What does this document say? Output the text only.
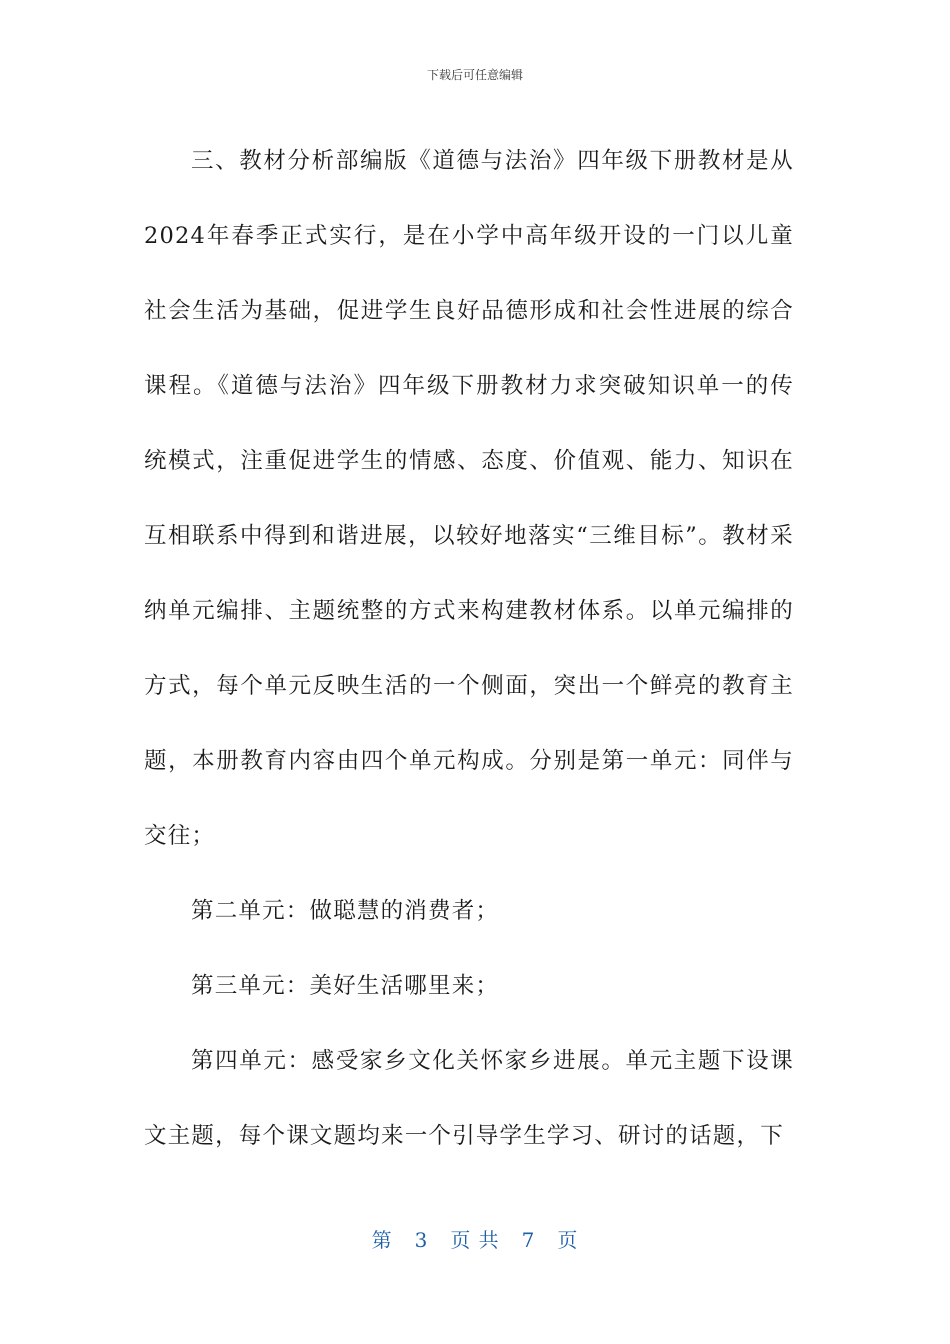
下载后可任意编辑

三、教材分析部编版《道德与法治》四年级下册教材是从2024年春季正式实行，是在小学中高年级开设的一门以儿童社会生活为基础，促进学生良好品德形成和社会性进展的综合课程。《道德与法治》四年级下册教材力求突破知识单一的传统模式，注重促进学生的情感、态度、价值观、能力、知识在互相联系中得到和谐进展，以较好地落实“三维目标”。教材采纳单元编排、主题统整的方式来构建教材体系。以单元编排的方式，每个单元反映生活的一个侧面，突出一个鲜亮的教育主题，本册教育内容由四个单元构成。分别是第一单元：同伴与交往；

第二单元：做聪慧的消费者；

第三单元：美好生活哪里来；

第四单元：感受家乡文化关怀家乡进展。单元主题下设课文主题，每个课文题均来一个引导学生学习、研讨的话题，下

第 3 页 共 7 页
